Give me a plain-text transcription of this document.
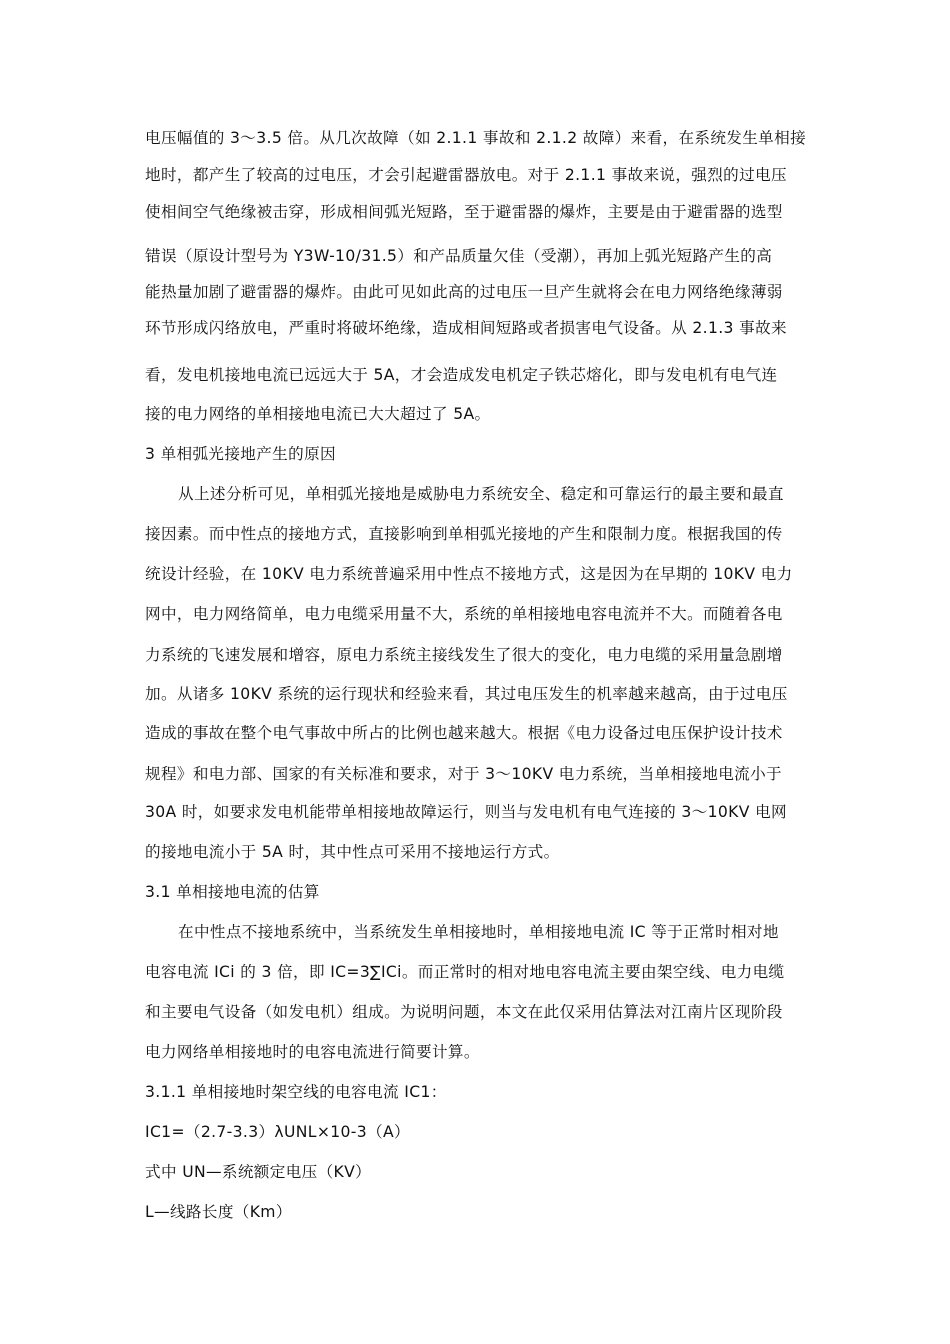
电压幅值的 3～3.5 倍。从几次故障（如 2.1.1 事故和 2.1.2 故障）来看，在系统发生单相接
地时，都产生了较高的过电压，才会引起避雷器放电。对于 2.1.1 事故来说，强烈的过电压
使相间空气绝缘被击穿，形成相间弧光短路，至于避雷器的爆炸，主要是由于避雷器的选型
错误（原设计型号为 Y3W-10/31.5）和产品质量欠佳（受潮），再加上弧光短路产生的高
能热量加剧了避雷器的爆炸。由此可见如此高的过电压一旦产生就将会在电力网络绝缘薄弱
环节形成闪络放电，严重时将破坏绝缘，造成相间短路或者损害电气设备。从 2.1.3 事故来
看，发电机接地电流已远远大于 5A，才会造成发电机定子铁芯熔化，即与发电机有电气连
接的电力网络的单相接地电流已大大超过了 5A。
3 单相弧光接地产生的原因
从上述分析可见，单相弧光接地是威胁电力系统安全、稳定和可靠运行的最主要和最直
接因素。而中性点的接地方式，直接影响到单相弧光接地的产生和限制力度。根据我国的传
统设计经验，在 10KV 电力系统普遍采用中性点不接地方式，这是因为在早期的 10KV 电力
网中，电力网络简单，电力电缆采用量不大，系统的单相接地电容电流并不大。而随着各电
力系统的飞速发展和增容，原电力系统主接线发生了很大的变化，电力电缆的采用量急剧增
加。从诸多 10KV 系统的运行现状和经验来看，其过电压发生的机率越来越高，由于过电压
造成的事故在整个电气事故中所占的比例也越来越大。根据《电力设备过电压保护设计技术
规程》和电力部、国家的有关标准和要求，对于 3～10KV 电力系统，当单相接地电流小于
30A 时，如要求发电机能带单相接地故障运行，则当与发电机有电气连接的 3～10KV 电网
的接地电流小于 5A 时，其中性点可采用不接地运行方式。
3.1 单相接地电流的估算
在中性点不接地系统中，当系统发生单相接地时，单相接地电流 IC 等于正常时相对地
电容电流 ICi 的 3 倍，即 IC=3∑ICi。而正常时的相对地电容电流主要由架空线、电力电缆
和主要电气设备（如发电机）组成。为说明问题，本文在此仅采用估算法对江南片区现阶段
电力网络单相接地时的电容电流进行简要计算。
3.1.1 单相接地时架空线的电容电流 IC1：
IC1=（2.7-3.3）λUNL×10-3（A）
式中 UN—系统额定电压（KV）
L—线路长度（Km）
